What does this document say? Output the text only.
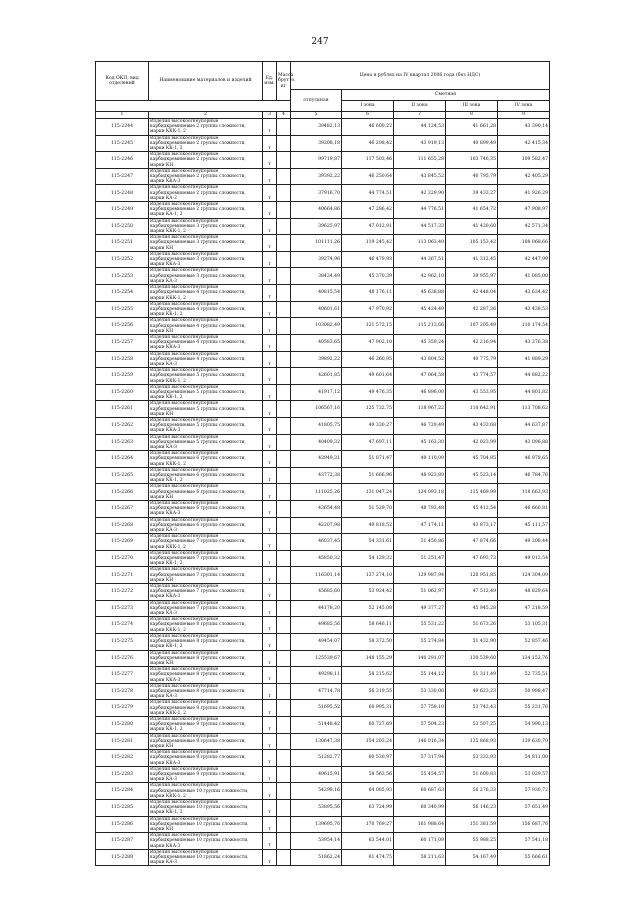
247
Код ОКП, вид отделений	Наименование материалов и изделий	Ед. изм.	Масса брутто, кг	Цена в рублях на IV квартал 2006 года (без НДС)				
				отпускная	Сметная			
					I зона	II зона	III зона	IV зона
1	2	3	4	5	6	7	8	9
115-2244	Изделия высокоогнеупорные карбидкремниевые 2 группы сложности, марки ККК-1, 2	т		39482,13	46 600,22	44 124,53	41 661,28	43 390,14
115-2245	Изделия высокоогнеупорные карбидкремниевые 2 группы сложности, марки КК-1, 2	т		39208,18	46 298,42	43 919,13	40 899,49	42 415,34
115-2246	Изделия высокоогнеупорные карбидкремниевые 2 группы сложности, марки КН	т		99719,87	117 503,46	111 655,28	103 746,35	109 582,47
115-2247	Изделия высокоогнеупорные карбидкремниевые 2 группы сложности, марки ККА-3	т		39392,22	46 250,64	43 845,52	40 795,79	42 405,29
115-2248	Изделия высокоогнеупорные карбидкремниевые 2 группы сложности, марки КА-2	т		37916,70	44 774,51	42 329,90	39 433,27	41 926,29
115-2249	Изделия высокоогнеупорные карбидкремниевые 2 группы сложности, марки КА-1, 2	т		40664,86	47 286,42	44 776,51	41 654,72	47 908,97
115-2250	Изделия высокоогнеупорные карбидкремниевые 3 группы сложности, марки ККК-1, 2	т		39625,97	47 012,91	44 517,33	41 420,60	42 571,34
115-2251	Изделия высокоогнеупорные карбидкремниевые 3 группы сложности, марки КН	т		101111,26	119 245,42	113 063,40	105 153,42	108 068,66
115-2252	Изделия высокоогнеупорные карбидкремниевые 3 группы сложности, марки ККА-3	т		39274,96	46 479,93	44 367,51	41 312,45	42 447,99
115-2253	Изделия высокоогнеупорные карбидкремниевые 3 группы сложности, марки КА-3	т		38434,49	45 370,39	42 962,10	39 955,97	41 085,00
115-2254	Изделия высокоогнеупорные карбидкремниевые 4 группы сложности, марки ККК-1, 2	т		40815,54	48 176,11	45 638,88	42 448,04	43 634,42
115-2255	Изделия высокоогнеупорные карбидкремниевые 4 группы сложности, марки КК-1, 2	т		40601,61	47 970,92	45 424,49	42 287,36	43 438,53
115-2256	Изделия высокоогнеупорные карбидкремниевые 4 группы сложности, марки КН	т		103082,49	121 572,15	115 213,66	107 205,49	110 174,54
115-2257	Изделия высокоогнеупорные карбидкремниевые 4 группы сложности, марки ККА-3	т		40583,65	47 902,10	45 359,24	42 216,94	43 376,38
115-2258	Изделия высокоогнеупорные карбидкремниевые 4 группы сложности, марки КА-3	т		39892,22	46 260,95	43 804,52	40 775,79	41 889,29
115-2259	Изделия высокоогнеупорные карбидкремниевые 5 группы сложности, марки ККК-1, 2	т		42601,85	49 601,64	47 064,58	43 774,57	44 882,22
115-2260	Изделия высокоогнеупорные карбидкремниевые 5 группы сложности, марки КК-1, 2	т		41917,12	49 476,35	46 896,00	43 553,95	44 801,82
115-2261	Изделия высокоогнеупорные карбидкремниевые 5 группы сложности, марки КН	т		106567,16	125 732,75	118 967,22	110 642,91	113 708,62
115-2262	Изделия высокоогнеупорные карбидкремниевые 5 группы сложности, марки ККА-3	т		41805,75	49 330,27	46 729,49	43 433,68	44 637,87
115-2263	Изделия высокоогнеупорные карбидкремниевые 5 группы сложности, марки КА-3	т		40409,32	47 697,11	45 163,30	42 023,99	43 096,88
115-2264	Изделия высокоогнеупорные карбидкремниевые 6 группы сложности, марки ККК-1, 2	т		43949,31	51 871,47	49 110,09	45 704,85	46 979,65
115-2265	Изделия высокоогнеупорные карбидкремниевые 6 группы сложности, марки КК-1, 2	т		43772,38	51 666,96	48 923,89	45 523,14	46 784,76
115-2266	Изделия высокоогнеупорные карбидкремниевые 6 группы сложности, марки КН	т		111025,26	131 047,24	124 093,18	115 469,99	118 663,93
115-2267	Изделия высокоогнеупорные карбидкремниевые 6 группы сложности, марки ККА-3	т		43654,48	51 529,70	48 793,48	45 412,54	46 660,81
115-2268	Изделия высокоогнеупорные карбидкремниевые 6 группы сложности, марки КА-3	т		42207,98	49 818,52	47 174,11	43 873,17	45 111,57
115-2269	Изделия высокоогнеупорные карбидкремниевые 7 группы сложности, марки ККК-1, 2	т		46037,45	54 331,61	51 450,86	47 874,66	49 208,44
115-2270	Изделия высокоогнеупорные карбидкремниевые 7 группы сложности, марки КК-1, 2	т		45850,32	54 129,32	51 251,47	47 693,73	49 013,54
115-2271	Изделия высокоогнеупорные карбидкремниевые 7 группы сложности, марки КН	т		116301,14	137 274,10	129 987,94	120 951,85	124 304,09
115-2272	Изделия высокоогнеупорные карбидкремниевые 7 группы сложности, марки ККА-3	т		45685,60	53 924,42	51 062,97	47 512,49	48 829,64
115-2273	Изделия высокоогнеупорные карбидкремниевые 7 группы сложности, марки КА-3	т		44178,20	52 145,08	49 377,27	45 945,28	47 218,59
115-2274	Изделия высокоогнеупорные карбидкремниевые 8 группы сложности, марки ККК-1, 2	т		49685,56	58 646,11	55 531,22	51 673,26	53 105,31
115-2275	Изделия высокоогнеупорные карбидкремниевые 8 группы сложности, марки КК-1, 2	т		49454,07	58 372,50	55 274,84	51 432,90	52 857,46
115-2276	Изделия высокоогнеупорные карбидкремниевые 8 группы сложности, марки КН	т		125539,67	148 155,29	140 291,07	130 539,60	134 152,76
115-2277	Изделия высокоогнеупорные карбидкремниевые 8 группы сложности, марки ККА-3	т		49298,11	58 215,62	55 144,12	51 311,49	52 735,51
115-2278	Изделия высокоогнеупорные карбидкремниевые 8 группы сложности, марки КА-3	т		47714,78	56 319,55	53 330,06	49 623,23	50 998,47
115-2279	Изделия высокоогнеупорные карбидкремниевые 9 группы сложности, марки ККК-1, 2	т		51695,52	60 995,31	57 758,10	53 743,43	55 231,76
115-2280	Изделия высокоогнеупорные карбидкремниевые 9 группы сложности, марки КК-1, 2	т		51448,42	60 727,69	57 504,23	53 507,25	54 990,13
115-2281	Изделия высокоогнеупорные карбидкремниевые 9 группы сложности, марки КН	т		130647,38	154 203,24	146 016,34	135 868,93	139 630,70
115-2282	Изделия высокоогнеупорные карбидкремниевые 9 группы сложности, марки ККА-3	т		51282,77	60 530,97	57 317,94	53 333,93	54 811,00
115-2283	Изделия высокоогнеупорные карбидкремниевые 9 группы сложности, марки КА-3	т		49615,91	58 563,56	55 454,57	51 600,83	53 029,57
115-2284	Изделия высокоогнеупорные карбидкремниевые 10 группы сложности, марки ККК-1, 2	т		54298,16	64 085,93	60 687,63	56 276,33	57 930,72
115-2285	Изделия высокоогнеупорные карбидкремниевые 10 группы сложности, марки КК-1, 2	т		53895,56	63 724,99	60 340,99	56 146,23	57 651,49
115-2286	Изделия высокоогнеупорные карбидкремниевые 10 группы сложности, марки КН	т		139695,76	170 769,27	161 988,64	151 381,59	156 687,76
115-2287	Изделия высокоогнеупорные карбидкремниевые 10 группы сложности, марки ККА-3	т		53954,14	63 544,01	60 171,09	55 988,25	57 541,18
115-2288	Изделия высокоогнеупорные карбидкремниевые 10 группы сложности, марки КА-3	т		51862,24	61 474,75	58 211,63	54 167,49	55 666,61
